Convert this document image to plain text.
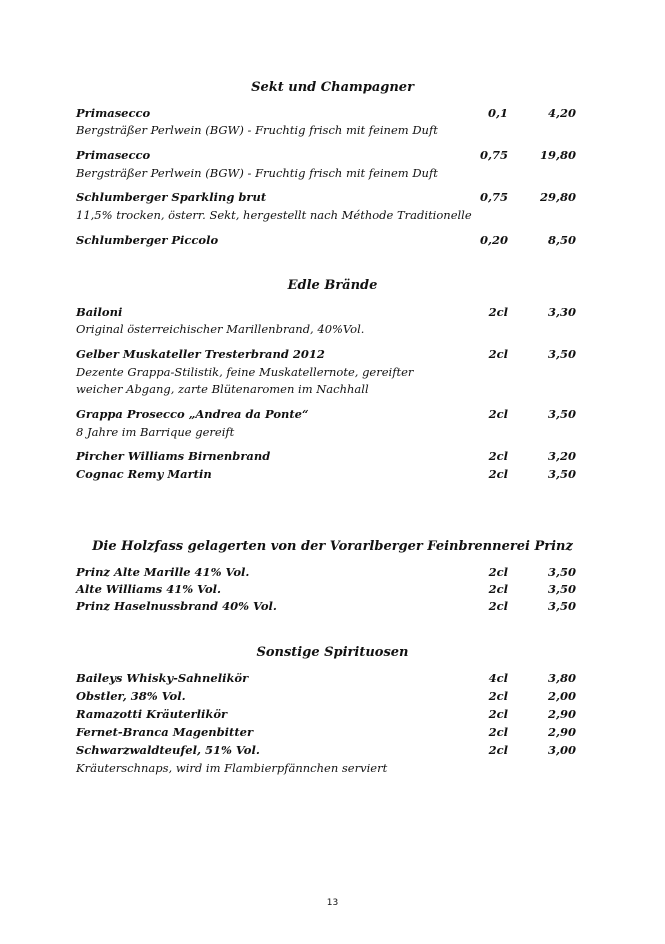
Sekt und Champagner
Primasecco	0,1	4,20
Bergsträßer Perlwein (BGW) - Fruchtig frisch mit feinem Duft
Primasecco	0,75	19,80
Bergsträßer Perlwein (BGW) - Fruchtig frisch mit feinem Duft
Schlumberger Sparkling brut	0,75	29,80
11,5% trocken, österr. Sekt, hergestellt nach Méthode Traditionelle
Schlumberger Piccolo	0,20	8,50
Edle Brände
Bailoni	2cl	3,30
Original österreichischer Marillenbrand, 40%Vol.
Gelber Muskateller Tresterbrand 2012	2cl	3,50
Dezente Grappa-Stilistik, feine Muskatellernote, gereifter weicher Abgang, zarte Blütenaromen im Nachhall
Grappa Prosecco „Andrea da Ponte“	2cl	3,50
8 Jahre im Barrique gereift
Pircher Williams Birnenbrand	2cl	3,20
Cognac Remy Martin	2cl	3,50
Die Holzfass gelagerten von der Vorarlberger Feinbrennerei Prinz
Prinz Alte Marille 41% Vol.	2cl	3,50
Alte Williams 41% Vol.	2cl	3,50
Prinz Haselnussbrand 40% Vol.	2cl	3,50
Sonstige Spirituosen
Baileys Whisky-Sahnelikör	4cl	3,80
Obstler, 38% Vol.	2cl	2,00
Ramazotti Kräuterlikör	2cl	2,90
Fernet-Branca Magenbitter	2cl	2,90
Schwarzwaldteufel, 51% Vol.	2cl	3,00
Kräuterschnaps, wird im Flambierpfännchen serviert
13
